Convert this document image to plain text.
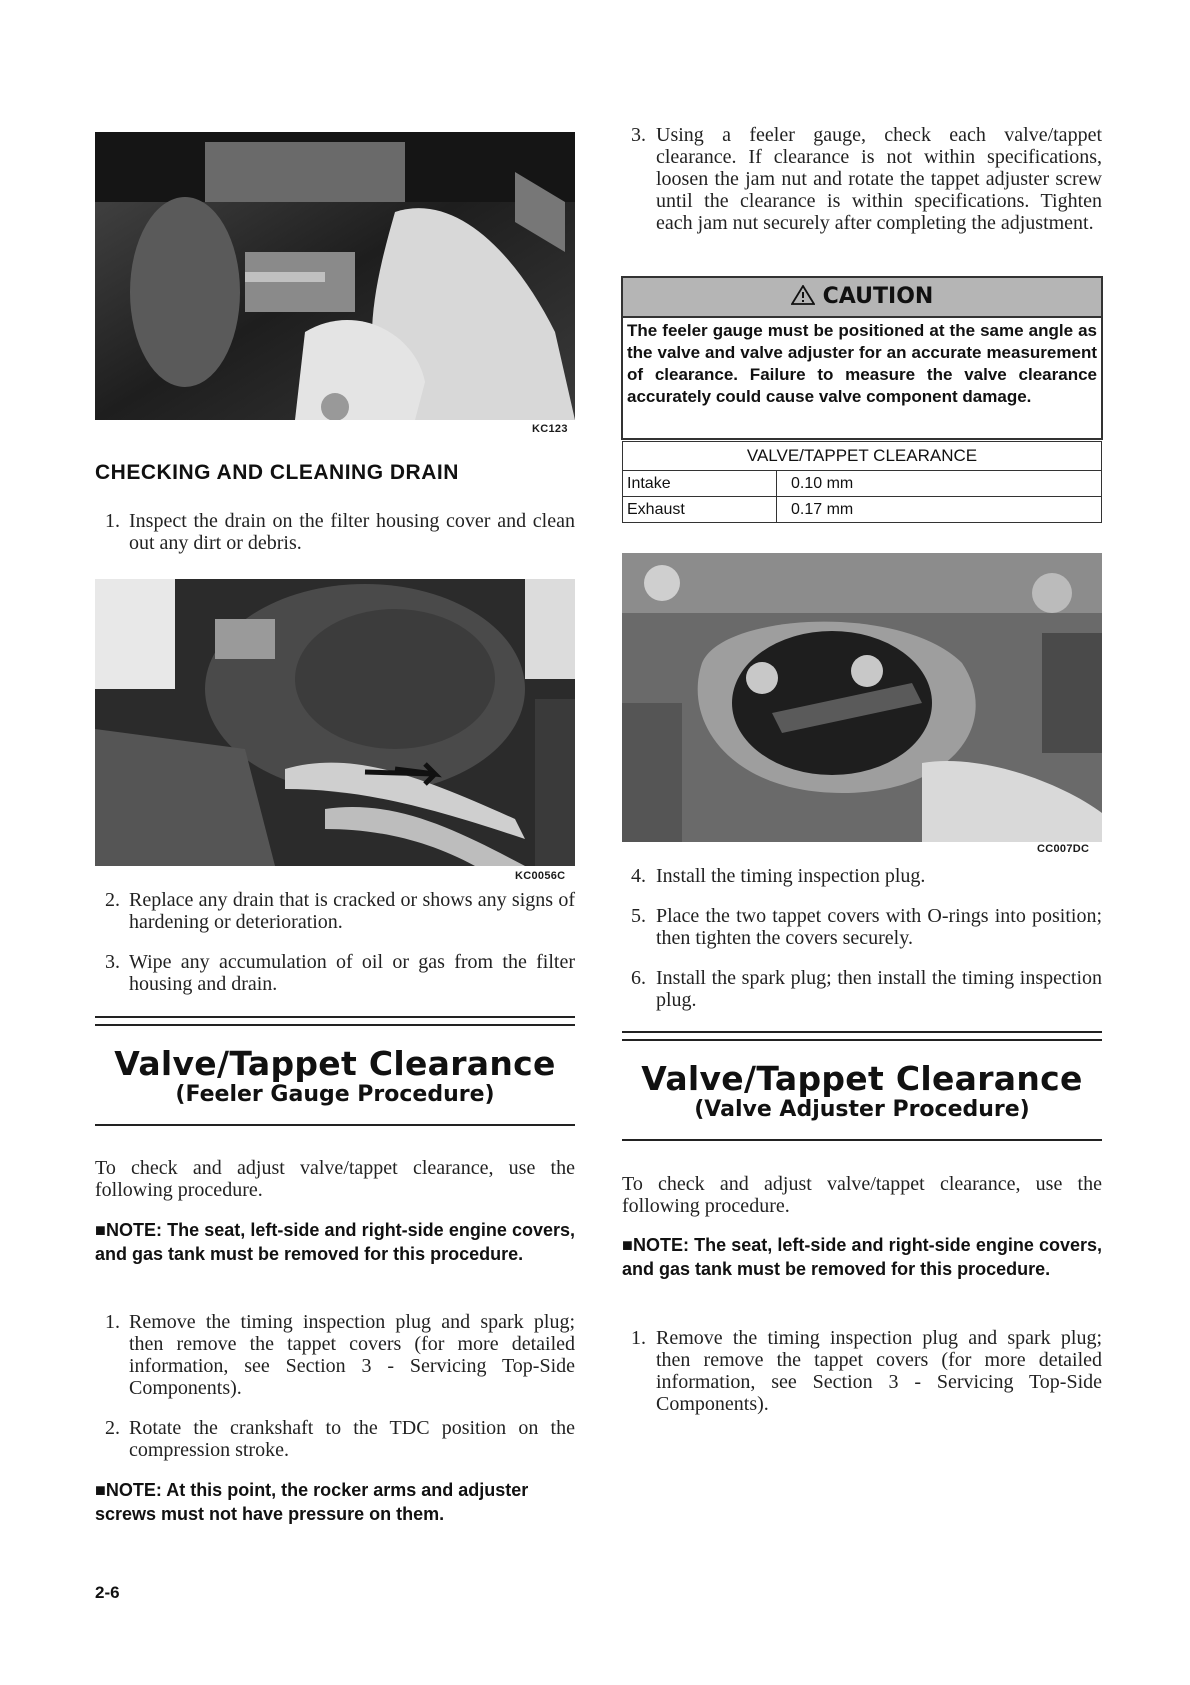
KC123
CHECKING AND CLEANING DRAIN
1. Inspect the drain on the filter housing cover and clean out any dirt or debris.
KC0056C
2. Replace any drain that is cracked or shows any signs of hardening or deterioration.
3. Wipe any accumulation of oil or gas from the filter housing and drain.
Valve/Tappet Clearance
(Feeler Gauge Procedure)
To check and adjust valve/tappet clearance, use the following procedure.
■NOTE: The seat, left-side and right-side engine covers, and gas tank must be removed for this procedure.
1. Remove the timing inspection plug and spark plug; then remove the tappet covers (for more detailed information, see Section 3 - Servicing Top-Side Components).
2. Rotate the crankshaft to the TDC position on the compression stroke.
■NOTE: At this point, the rocker arms and adjuster screws must not have pressure on them.
2-6
3. Using a feeler gauge, check each valve/tappet clearance. If clearance is not within specifications, loosen the jam nut and rotate the tappet adjuster screw until the clearance is within specifications. Tighten each jam nut securely after completing the adjustment.
CAUTION
The feeler gauge must be positioned at the same angle as the valve and valve adjuster for an accurate measurement of clearance. Failure to measure the valve clearance accurately could cause valve component damage.
VALVE/TAPPET CLEARANCE	
Intake	0.10 mm
Exhaust	0.17 mm
CC007DC
4. Install the timing inspection plug.
5. Place the two tappet covers with O-rings into position; then tighten the covers securely.
6. Install the spark plug; then install the timing inspection plug.
Valve/Tappet Clearance
(Valve Adjuster Procedure)
To check and adjust valve/tappet clearance, use the following procedure.
■NOTE: The seat, left-side and right-side engine covers, and gas tank must be removed for this procedure.
1. Remove the timing inspection plug and spark plug; then remove the tappet covers (for more detailed information, see Section 3 - Servicing Top-Side Components).
